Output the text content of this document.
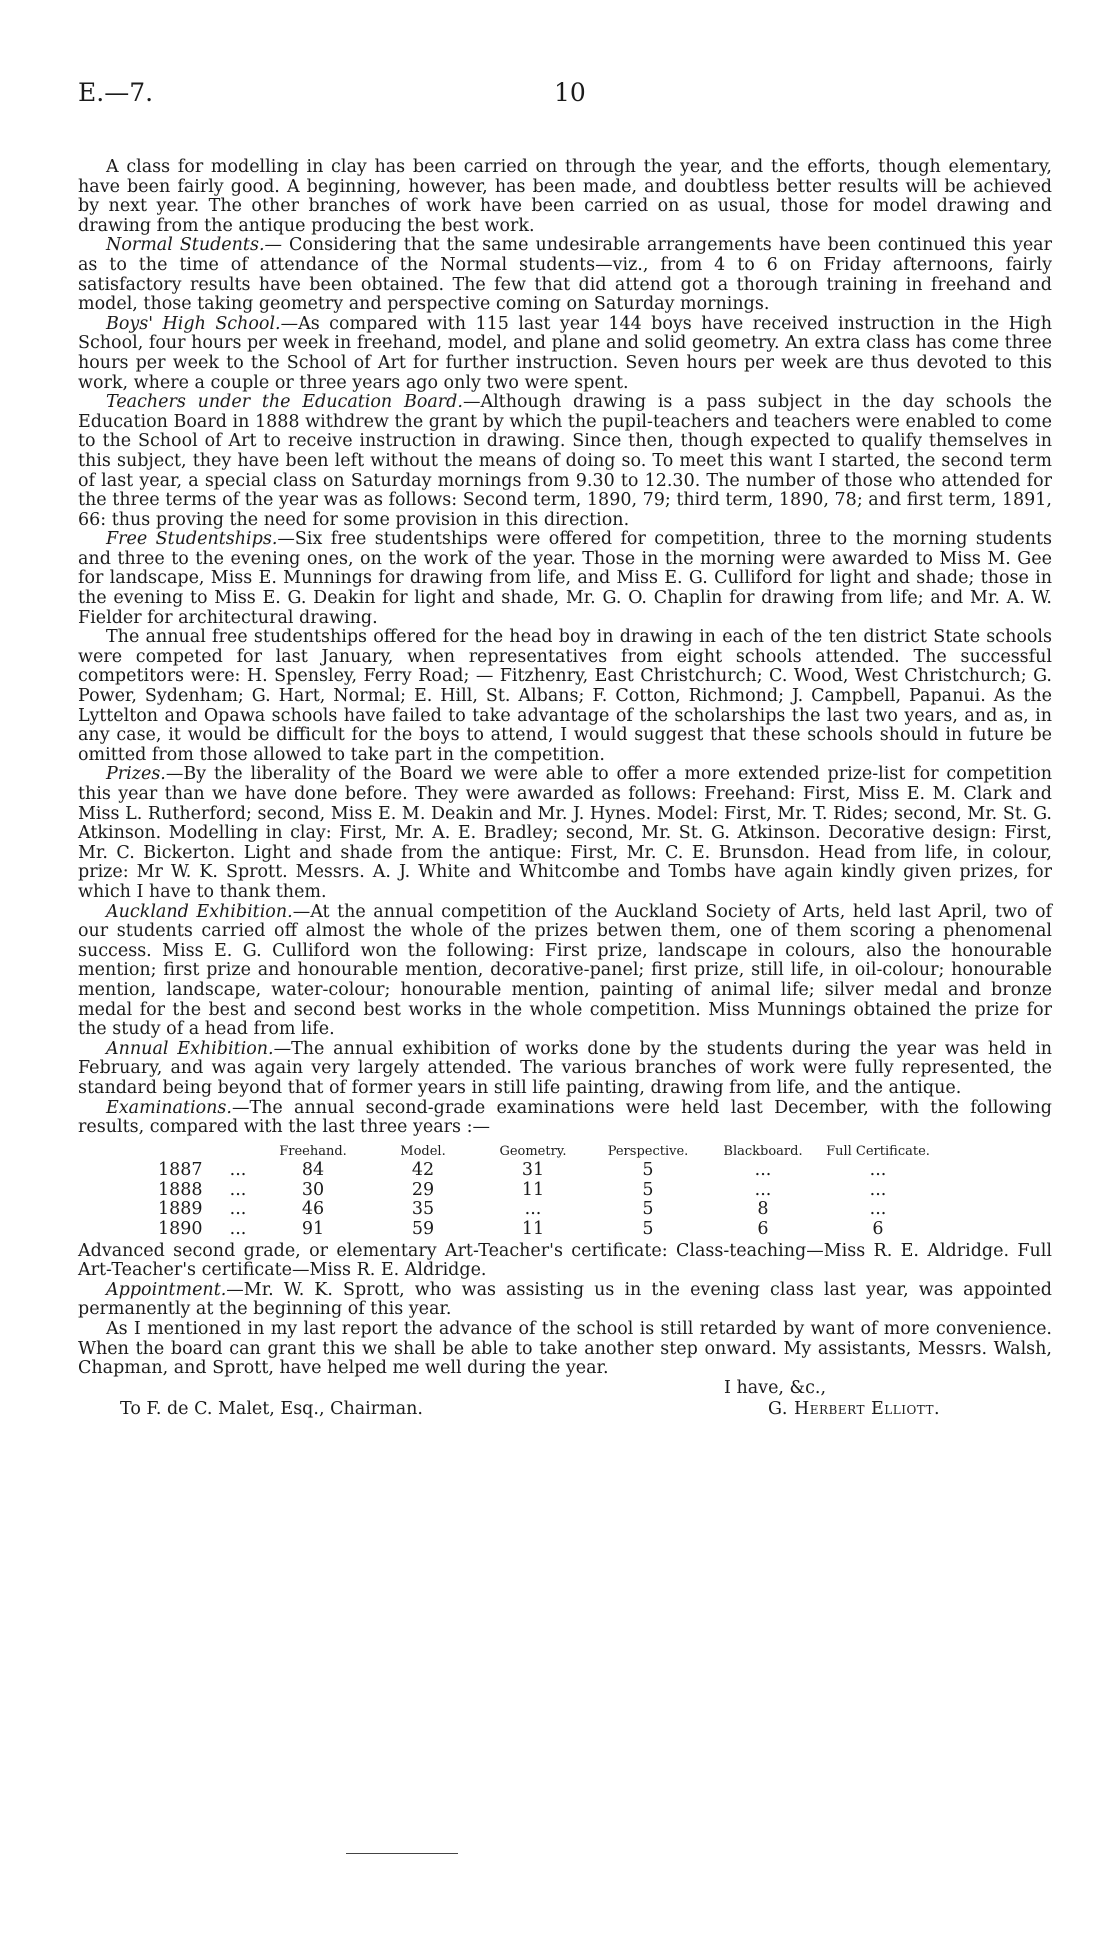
E.—7.	10

A class for modelling in clay has been carried on through the year, and the efforts, though elementary, have been fairly good. A beginning, however, has been made, and doubtless better results will be achieved by next year. The other branches of work have been carried on as usual, those for model drawing and drawing from the antique producing the best work.

Normal Students.— Considering that the same undesirable arrangements have been continued this year as to the time of attendance of the Normal students—viz., from 4 to 6 on Friday afternoons, fairly satisfactory results have been obtained. The few that did attend got a thorough training in freehand and model, those taking geometry and perspective coming on Saturday mornings.

Boys' High School.—As compared with 115 last year 144 boys have received instruction in the High School, four hours per week in freehand, model, and plane and solid geometry. An extra class has come three hours per week to the School of Art for further instruction. Seven hours per week are thus devoted to this work, where a couple or three years ago only two were spent.

Teachers under the Education Board.—Although drawing is a pass subject in the day schools the Education Board in 1888 withdrew the grant by which the pupil-teachers and teachers were enabled to come to the School of Art to receive instruction in drawing. Since then, though expected to qualify themselves in this subject, they have been left without the means of doing so. To meet this want I started, the second term of last year, a special class on Saturday mornings from 9.30 to 12.30. The number of those who attended for the three terms of the year was as follows: Second term, 1890, 79; third term, 1890, 78; and first term, 1891, 66: thus proving the need for some provision in this direction.

Free Studentships.—Six free studentships were offered for competition, three to the morning students and three to the evening ones, on the work of the year. Those in the morning were awarded to Miss M. Gee for landscape, Miss E. Munnings for drawing from life, and Miss E. G. Culliford for light and shade; those in the evening to Miss E. G. Deakin for light and shade, Mr. G. O. Chaplin for drawing from life; and Mr. A. W. Fielder for architectural drawing.

The annual free studentships offered for the head boy in drawing in each of the ten district State schools were competed for last January, when representatives from eight schools attended. The successful competitors were: H. Spensley, Ferry Road; — Fitzhenry, East Christchurch; C. Wood, West Christchurch; G. Power, Sydenham; G. Hart, Normal; E. Hill, St. Albans; F. Cotton, Richmond; J. Campbell, Papanui. As the Lyttelton and Opawa schools have failed to take advantage of the scholarships the last two years, and as, in any case, it would be difficult for the boys to attend, I would suggest that these schools should in future be omitted from those allowed to take part in the competition.

Prizes.—By the liberality of the Board we were able to offer a more extended prize-list for competition this year than we have done before. They were awarded as follows: Freehand: First, Miss E. M. Clark and Miss L. Rutherford; second, Miss E. M. Deakin and Mr. J. Hynes. Model: First, Mr. T. Rides; second, Mr. St. G. Atkinson. Modelling in clay: First, Mr. A. E. Bradley; second, Mr. St. G. Atkinson. Decorative design: First, Mr. C. Bickerton. Light and shade from the antique: First, Mr. C. E. Brunsdon. Head from life, in colour, prize: Mr W. K. Sprott. Messrs. A. J. White and Whitcombe and Tombs have again kindly given prizes, for which I have to thank them.

Auckland Exhibition.—At the annual competition of the Auckland Society of Arts, held last April, two of our students carried off almost the whole of the prizes betwen them, one of them scoring a phenomenal success. Miss E. G. Culliford won the following: First prize, landscape in colours, also the honourable mention; first prize and honourable mention, decorative-panel; first prize, still life, in oil-colour; honourable mention, landscape, water-colour; honourable mention, painting of animal life; silver medal and bronze medal for the best and second best works in the whole competition. Miss Munnings obtained the prize for the study of a head from life.

Annual Exhibition.—The annual exhibition of works done by the students during the year was held in February, and was again very largely attended. The various branches of work were fully represented, the standard being beyond that of former years in still life painting, drawing from life, and the antique.

Examinations.—The annual second-grade examinations were held last December, with the following results, compared with the last three years :—

		Freehand.	Model.	Geometry.	Perspective.	Blackboard.	Full Certificate.
1887	...	84	42	31	5	...	...
1888	...	30	29	11	5	...	...
1889	...	46	35	...	5	8	...
1890	...	91	59	11	5	6	6

Advanced second grade, or elementary Art-Teacher's certificate: Class-teaching—Miss R. E. Aldridge. Full Art-Teacher's certificate—Miss R. E. Aldridge.

Appointment.—Mr. W. K. Sprott, who was assisting us in the evening class last year, was appointed permanently at the beginning of this year.

As I mentioned in my last report the advance of the school is still retarded by want of more convenience. When the board can grant this we shall be able to take another step onward. My assistants, Messrs. Walsh, Chapman, and Sprott, have helped me well during the year.

I have, &c.,
To F. de C. Malet, Esq., Chairman.	G. Herbert Elliott.
